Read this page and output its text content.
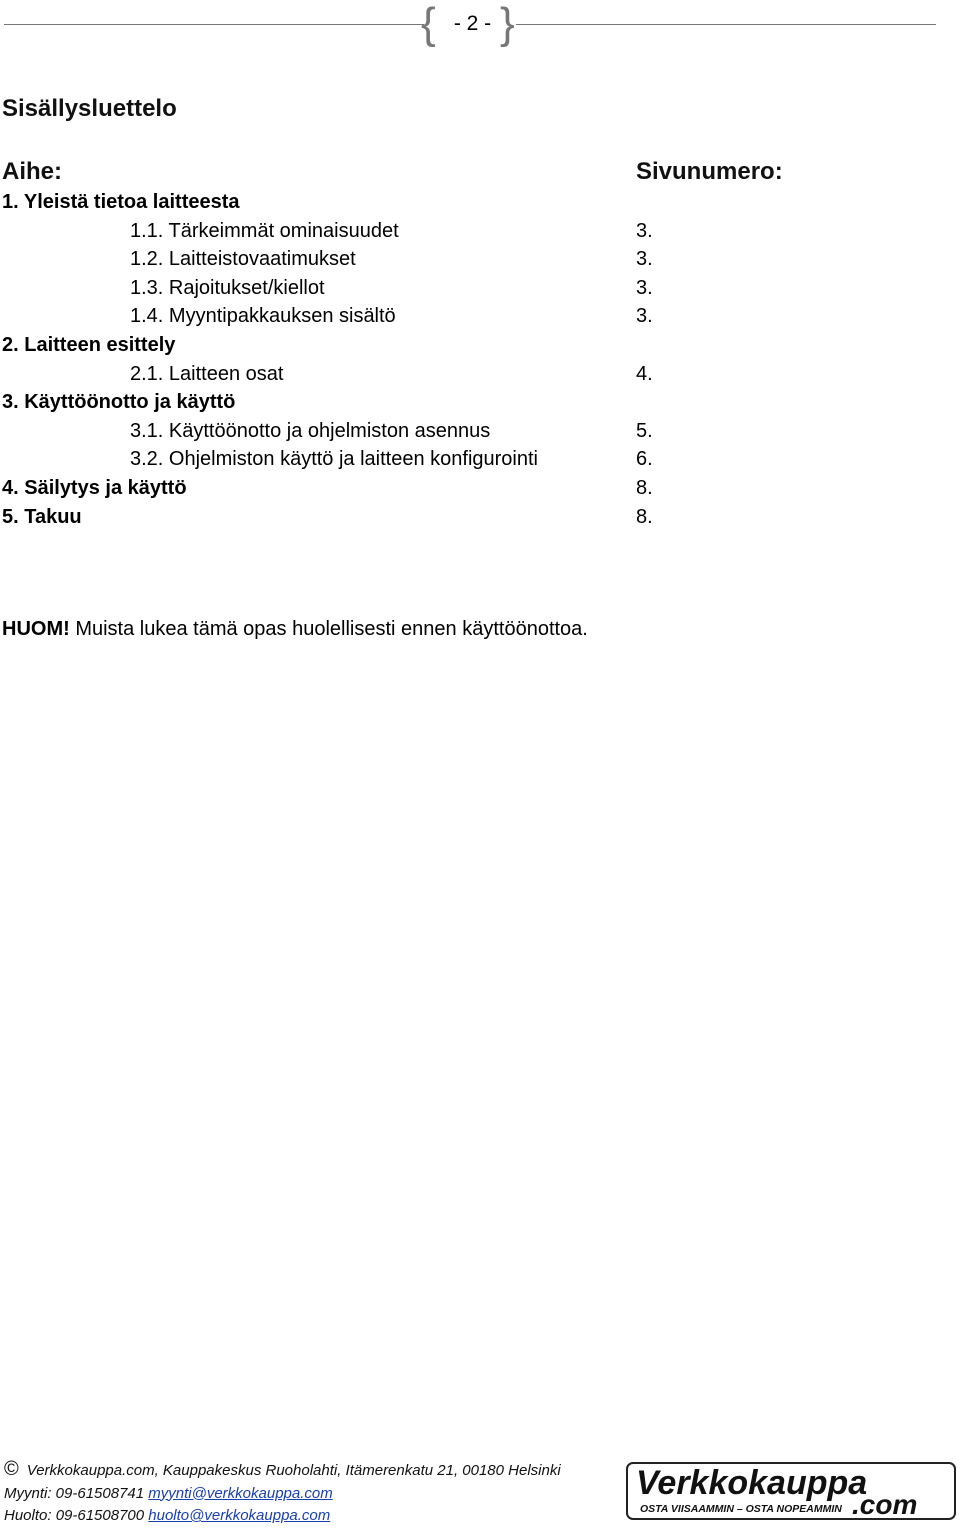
{ - 2 - }
Sisällysluettelo
Aihe:	Sivunumero:
1. Yleistä tietoa laitteesta
1.1. Tärkeimmät ominaisuudet	3.
1.2. Laitteistovaatimukset	3.
1.3. Rajoitukset/kiellot	3.
1.4. Myyntipakkauksen sisältö	3.
2. Laitteen esittely
2.1. Laitteen osat	4.
3. Käyttöönotto ja käyttö
3.1. Käyttöönotto ja ohjelmiston asennus	5.
3.2. Ohjelmiston käyttö ja laitteen konfigurointi	6.
4. Säilytys ja käyttö	8.
5. Takuu	8.
HUOM! Muista lukea tämä opas huolellisesti ennen käyttöönottoa.
© Verkkokauppa.com, Kauppakeskus Ruoholahti, Itämerenkatu 21, 00180 Helsinki
Myynti: 09-61508741 myynti@verkkokauppa.com
Huolto: 09-61508700 huolto@verkkokauppa.com
Verkkokauppa
.com
OSTA VIISAAMMIN – OSTA NOPEAMMIN
